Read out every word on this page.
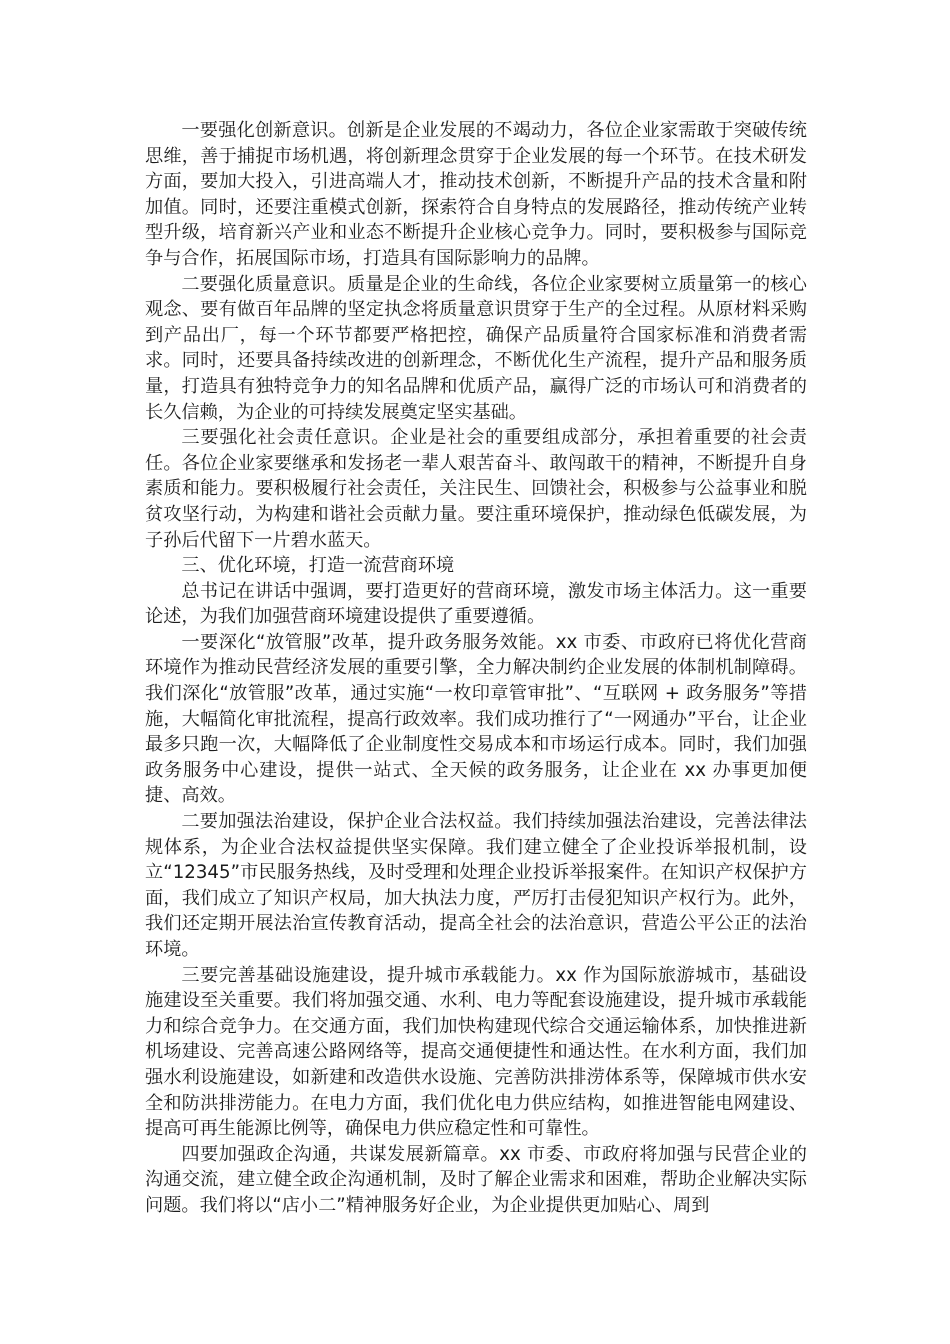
一要强化创新意识。创新是企业发展的不竭动力，各位企业家需敢于突破传统思维，善于捕捉市场机遇，将创新理念贯穿于企业发展的每一个环节。在技术研发方面，要加大投入，引进高端人才，推动技术创新，不断提升产品的技术含量和附加值。同时，还要注重模式创新，探索符合自身特点的发展路径，推动传统产业转型升级，培育新兴产业和业态不断提升企业核心竞争力。同时，要积极参与国际竞争与合作，拓展国际市场，打造具有国际影响力的品牌。

二要强化质量意识。质量是企业的生命线，各位企业家要树立质量第一的核心观念、要有做百年品牌的坚定执念将质量意识贯穿于生产的全过程。从原材料采购到产品出厂，每一个环节都要严格把控，确保产品质量符合国家标准和消费者需求。同时，还要具备持续改进的创新理念，不断优化生产流程，提升产品和服务质量，打造具有独特竞争力的知名品牌和优质产品，赢得广泛的市场认可和消费者的长久信赖，为企业的可持续发展奠定坚实基础。

三要强化社会责任意识。企业是社会的重要组成部分，承担着重要的社会责任。各位企业家要继承和发扬老一辈人艰苦奋斗、敢闯敢干的精神，不断提升自身素质和能力。要积极履行社会责任，关注民生、回馈社会，积极参与公益事业和脱贫攻坚行动，为构建和谐社会贡献力量。要注重环境保护，推动绿色低碳发展，为子孙后代留下一片碧水蓝天。

三、优化环境，打造一流营商环境

总书记在讲话中强调，要打造更好的营商环境，激发市场主体活力。这一重要论述，为我们加强营商环境建设提供了重要遵循。

一要深化“放管服”改革，提升政务服务效能。xx 市委、市政府已将优化营商环境作为推动民营经济发展的重要引擎，全力解决制约企业发展的体制机制障碍。我们深化“放管服”改革，通过实施“一枚印章管审批”、“互联网 + 政务服务”等措施，大幅简化审批流程，提高行政效率。我们成功推行了“一网通办”平台，让企业最多只跑一次，大幅降低了企业制度性交易成本和市场运行成本。同时，我们加强政务服务中心建设，提供一站式、全天候的政务服务，让企业在 xx 办事更加便捷、高效。

二要加强法治建设，保护企业合法权益。我们持续加强法治建设，完善法律法规体系，为企业合法权益提供坚实保障。我们建立健全了企业投诉举报机制，设立“12345”市民服务热线，及时受理和处理企业投诉举报案件。在知识产权保护方面，我们成立了知识产权局，加大执法力度，严厉打击侵犯知识产权行为。此外，我们还定期开展法治宣传教育活动，提高全社会的法治意识，营造公平公正的法治环境。

三要完善基础设施建设，提升城市承载能力。xx 作为国际旅游城市，基础设施建设至关重要。我们将加强交通、水利、电力等配套设施建设，提升城市承载能力和综合竞争力。在交通方面，我们加快构建现代综合交通运输体系，加快推进新机场建设、完善高速公路网络等，提高交通便捷性和通达性。在水利方面，我们加强水利设施建设，如新建和改造供水设施、完善防洪排涝体系等，保障城市供水安全和防洪排涝能力。在电力方面，我们优化电力供应结构，如推进智能电网建设、提高可再生能源比例等，确保电力供应稳定性和可靠性。

四要加强政企沟通，共谋发展新篇章。xx 市委、市政府将加强与民营企业的沟通交流，建立健全政企沟通机制，及时了解企业需求和困难，帮助企业解决实际问题。我们将以“店小二”精神服务好企业，为企业提供更加贴心、周到
